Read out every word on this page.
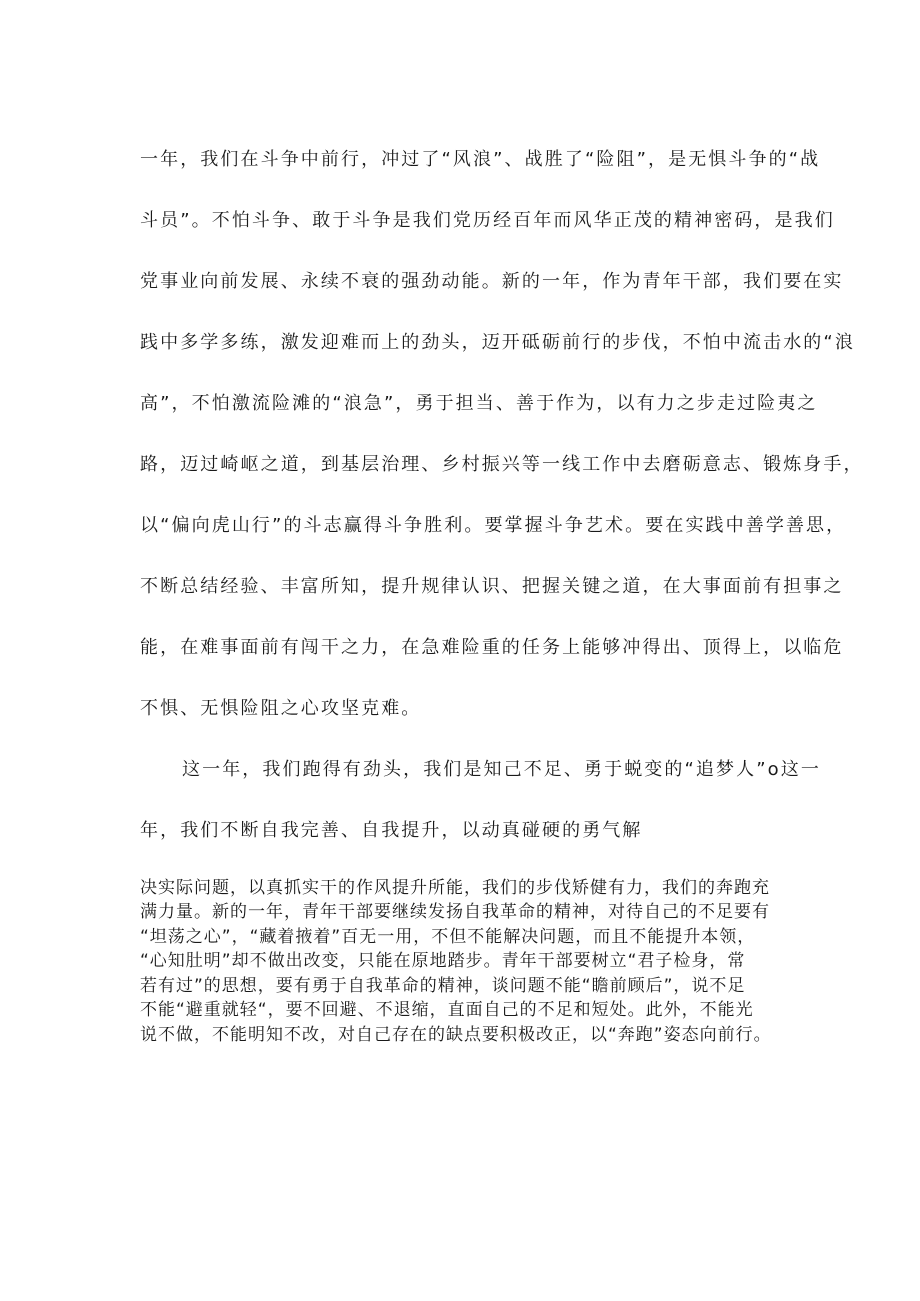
一年，我们在斗争中前行，冲过了“风浪”、战胜了“险阻”，是无惧斗争的“战
斗员”。不怕斗争、敢于斗争是我们党历经百年而风华正茂的精神密码，是我们
党事业向前发展、永续不衰的强劲动能。新的一年，作为青年干部，我们要在实
践中多学多练，激发迎难而上的劲头，迈开砥砺前行的步伐，不怕中流击水的“浪
高”，不怕激流险滩的“浪急”，勇于担当、善于作为，以有力之步走过险夷之
路，迈过崎岖之道，到基层治理、乡村振兴等一线工作中去磨砺意志、锻炼身手，
以“偏向虎山行”的斗志赢得斗争胜利。要掌握斗争艺术。要在实践中善学善思，
不断总结经验、丰富所知，提升规律认识、把握关键之道，在大事面前有担事之
能，在难事面前有闯干之力，在急难险重的任务上能够冲得出、顶得上，以临危
不惧、无惧险阻之心攻坚克难。
这一年，我们跑得有劲头，我们是知己不足、勇于蜕变的“追梦人”o这一
年，我们不断自我完善、自我提升，以动真碰硬的勇气解
决实际问题，以真抓实干的作风提升所能，我们的步伐矫健有力，我们的奔跑充
满力量。新的一年，青年干部要继续发扬自我革命的精神，对待自己的不足要有
“坦荡之心”，“藏着掖着”百无一用，不但不能解决问题，而且不能提升本领，
“心知肚明”却不做出改变，只能在原地踏步。青年干部要树立“君子检身，常
若有过”的思想，要有勇于自我革命的精神，谈问题不能“瞻前顾后”，说不足
不能“避重就轻“，要不回避、不退缩，直面自己的不足和短处。此外，不能光
说不做，不能明知不改，对自己存在的缺点要积极改正，以“奔跑”姿态向前行。
